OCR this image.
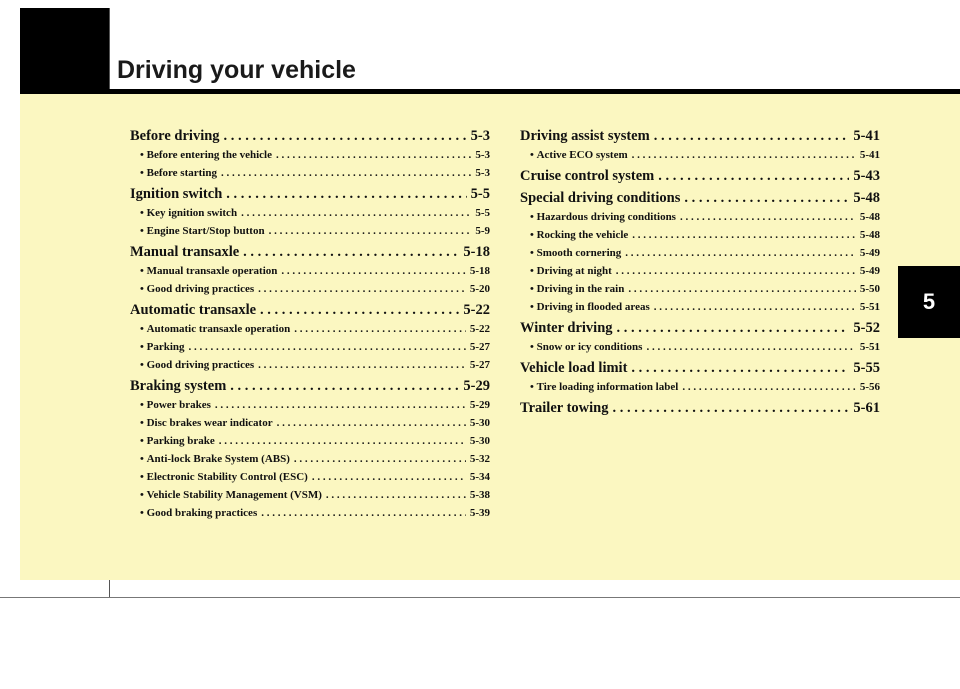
Driving your vehicle
Before driving . . .	5-3
• Before entering the vehicle . . .	5-3
• Before starting . . .	5-3
Ignition switch . . .	5-5
• Key ignition switch . . .	5-5
• Engine Start/Stop button . . .	5-9
Manual transaxle . . .	5-18
• Manual transaxle operation . . .	5-18
• Good driving practices . . .	5-20
Automatic transaxle . . .	5-22
• Automatic transaxle operation . . .	5-22
• Parking . . .	5-27
• Good driving practices . . .	5-27
Braking system . . .	5-29
• Power brakes . . .	5-29
• Disc brakes wear indicator . . .	5-30
• Parking brake . . .	5-30
• Anti-lock Brake System (ABS) . . .	5-32
• Electronic Stability Control (ESC) . . .	5-34
• Vehicle Stability Management (VSM) . . .	5-38
• Good braking practices . . .	5-39
Driving assist system . . .	5-41
• Active ECO system . . .	5-41
Cruise control system . . .	5-43
Special driving conditions . . .	5-48
• Hazardous driving conditions . . .	5-48
• Rocking the vehicle . . .	5-48
• Smooth cornering . . .	5-49
• Driving at night . . .	5-49
• Driving in the rain . . .	5-50
• Driving in flooded areas . . .	5-51
Winter driving . . .	5-52
• Snow or icy conditions . . .	5-51
Vehicle load limit . . .	5-55
• Tire loading information label . . .	5-56
Trailer towing . . .	5-61
5
